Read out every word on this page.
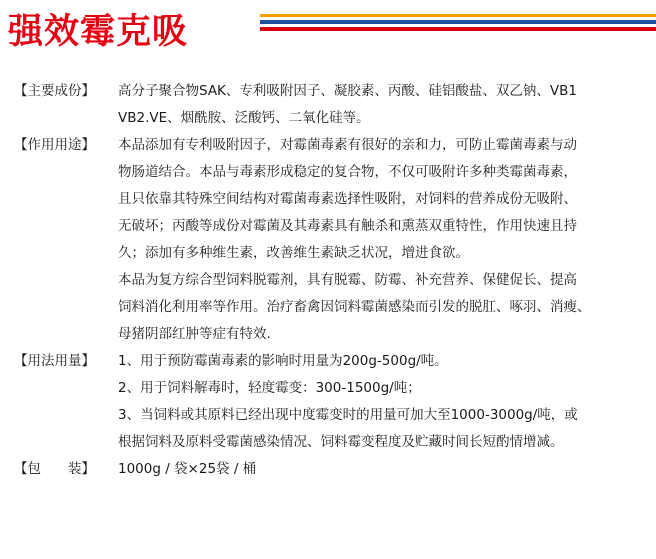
强效霉克吸
【主要成份】	高分子聚合物SAK、专利吸附因子、凝胶素、丙酸、硅铝酸盐、双乙钠、VB1
VB2.VE、烟酰胺、泛酸钙、二氧化硅等。
【作用用途】	本品添加有专利吸附因子，对霉菌毒素有很好的亲和力，可防止霉菌毒素与动
物肠道结合。本品与毒素形成稳定的复合物，不仅可吸附许多种类霉菌毒素，
且只依靠其特殊空间结构对霉菌毒素选择性吸附，对饲料的营养成份无吸附、
无破坏；丙酸等成份对霉菌及其毒素具有触杀和熏蒸双重特性，作用快速且持
久；添加有多种维生素，改善维生素缺乏状况，增进食欲。
本品为复方综合型饲料脱霉剂，具有脱霉、防霉、补充营养、保健促长、提高
饲料消化利用率等作用。治疗畜禽因饲料霉菌感染而引发的脱肛、啄羽、消瘦、
母猪阴部红肿等症有特效.
【用法用量】	1、用于预防霉菌毒素的影响时用量为200g-500g/吨。
2、用于饲料解毒时，轻度霉变：300-1500g/吨；
3、当饲料或其原料已经出现中度霉变时的用量可加大至1000-3000g/吨，或
根据饲料及原料受霉菌感染情况、饲料霉变程度及贮藏时间长短酌情增减。
【包　　装】	1000g / 袋×25袋 / 桶
